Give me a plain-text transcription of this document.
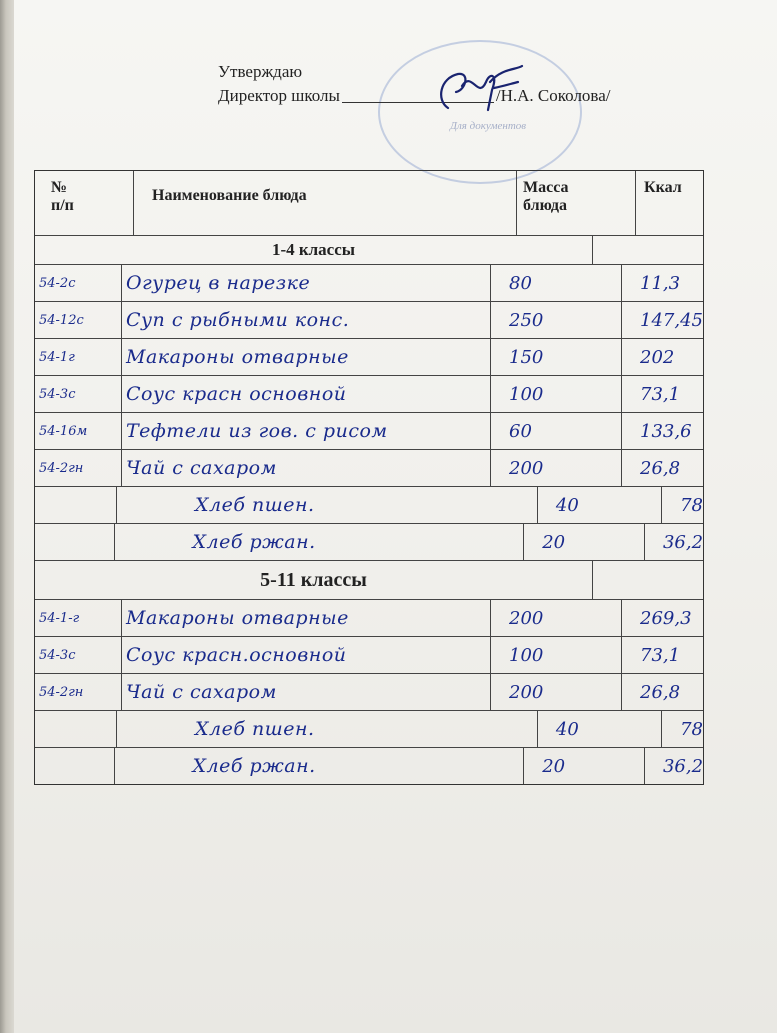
Для документов
Утверждаю
Директор школы	/Н.А. Соколова/
№
п/п
Наименование блюда	Масса
блюда
Ккал
1-4 классы
54-2с	Огурец в нарезке	80	11,3
54-12с	Суп с рыбными конс.	250	147,45
54-1г	Макароны отварные	150	202
54-3с	Соус красн основной	100	73,1
54-16м	Тефтели из гов. с рисом	60	133,6
54-2гн	Чай с сахаром	200	26,8
Хлеб пшен.	40	78
Хлеб ржан.	20	36,2
5-11 классы
54-1-г	Макароны отварные	200	269,3
54-3с	Соус красн.основной	100	73,1
54-2гн	Чай с сахаром	200	26,8
Хлеб пшен.	40	78
Хлеб ржан.	20	36,2
